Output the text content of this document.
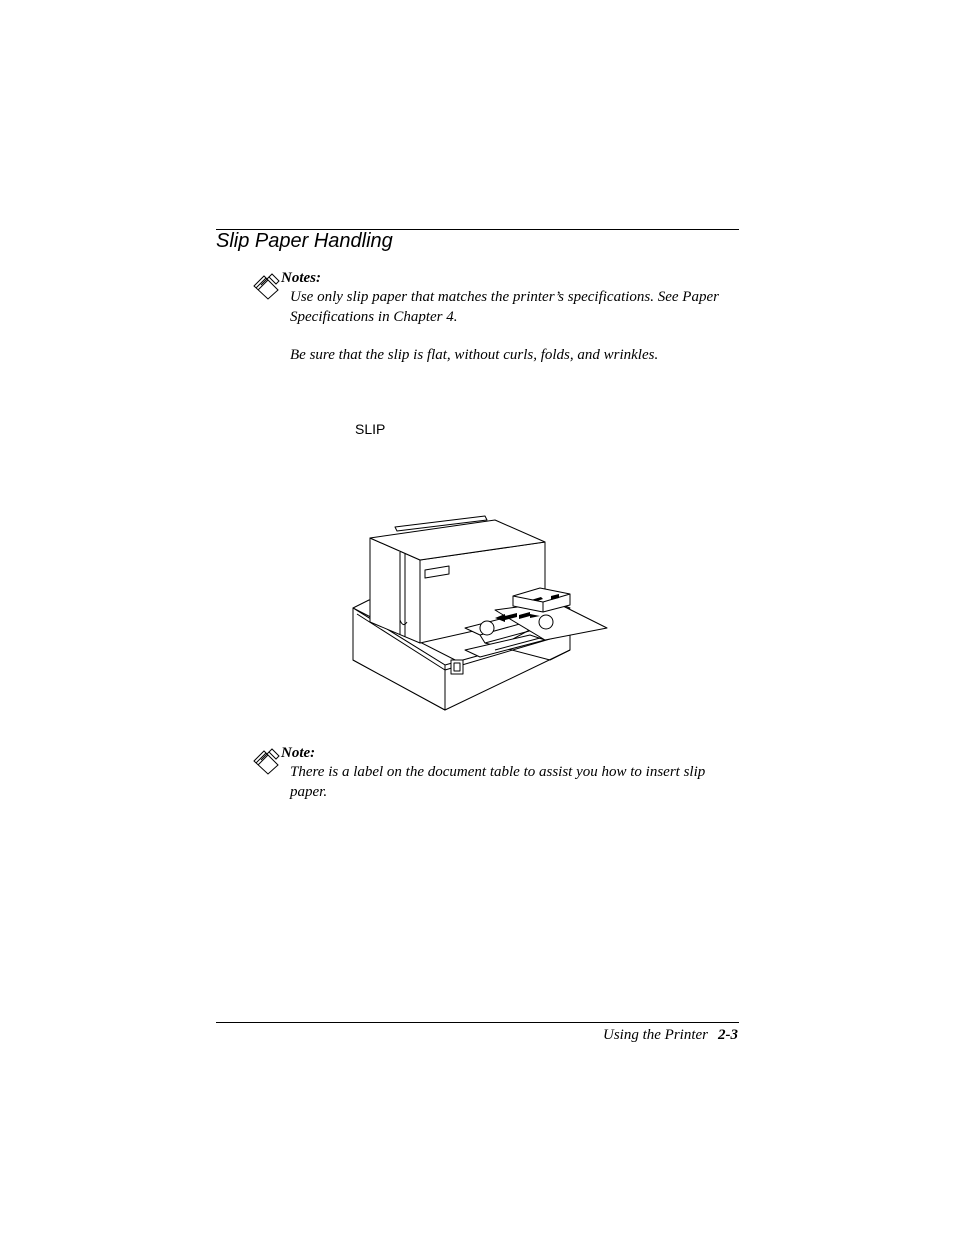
Slip Paper Handling
Notes:

Use only slip paper that matches the printer’s specifications. See Paper Specifications in Chapter 4.

Be sure that the slip is flat, without curls, folds, and wrinkles.

SLIP
Note:

There is a label on the document table to assist you how to insert slip paper.

Using the Printer 2-3
